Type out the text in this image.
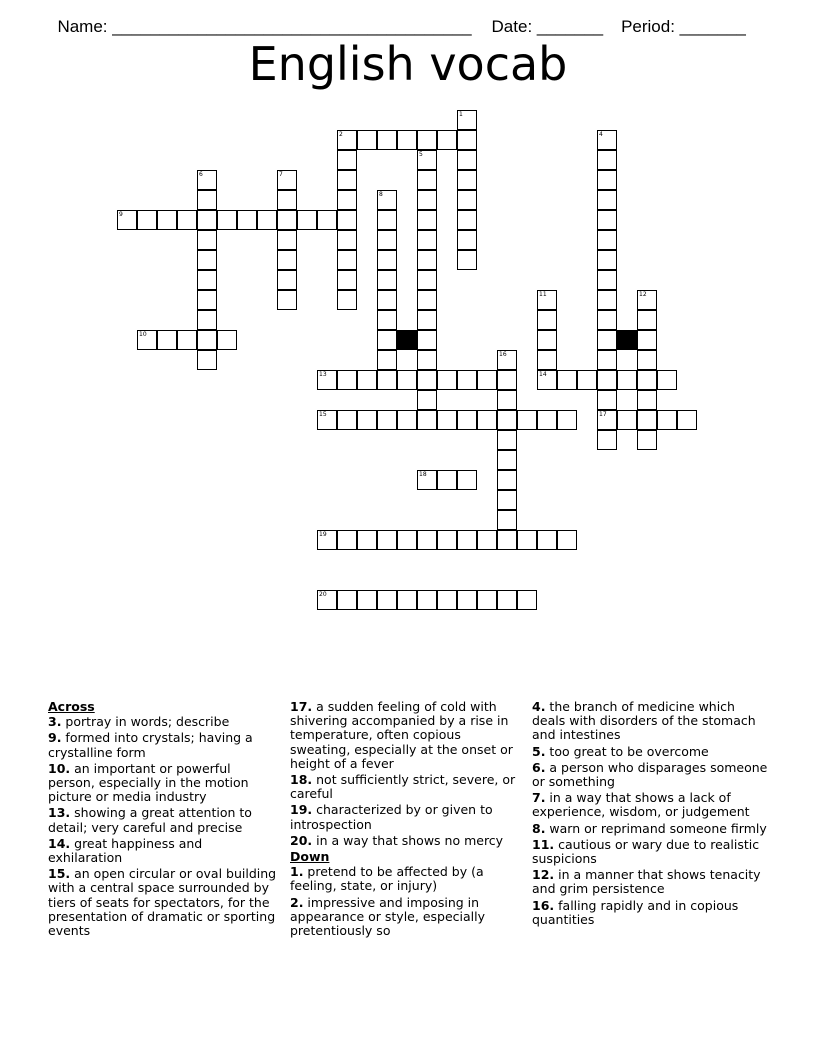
Name: ______________________________________ Date: _______ Period: _______

English vocab
2
9
10
13	14
15	17
18
19
20
1
4
5
6	7
8
11	12
16
Across
3. portray in words; describe
9. formed into crystals; having a crystalline form
10. an important or powerful person, especially in the motion picture or media industry
13. showing a great attention to detail; very careful and precise
14. great happiness and exhilaration
15. an open circular or oval building with a central space surrounded by tiers of seats for spectators, for the presentation of dramatic or sporting events
17. a sudden feeling of cold with shivering accompanied by a rise in temperature, often copious sweating, especially at the onset or height of a fever
18. not sufficiently strict, severe, or careful
19. characterized by or given to introspection
20. in a way that shows no mercy
Down
1. pretend to be affected by (a feeling, state, or injury)
2. impressive and imposing in appearance or style, especially pretentiously so
4. the branch of medicine which deals with disorders of the stomach and intestines
5. too great to be overcome
6. a person who disparages someone or something
7. in a way that shows a lack of experience, wisdom, or judgement
8. warn or reprimand someone firmly
11. cautious or wary due to realistic suspicions
12. in a manner that shows tenacity and grim persistence
16. falling rapidly and in copious quantities
